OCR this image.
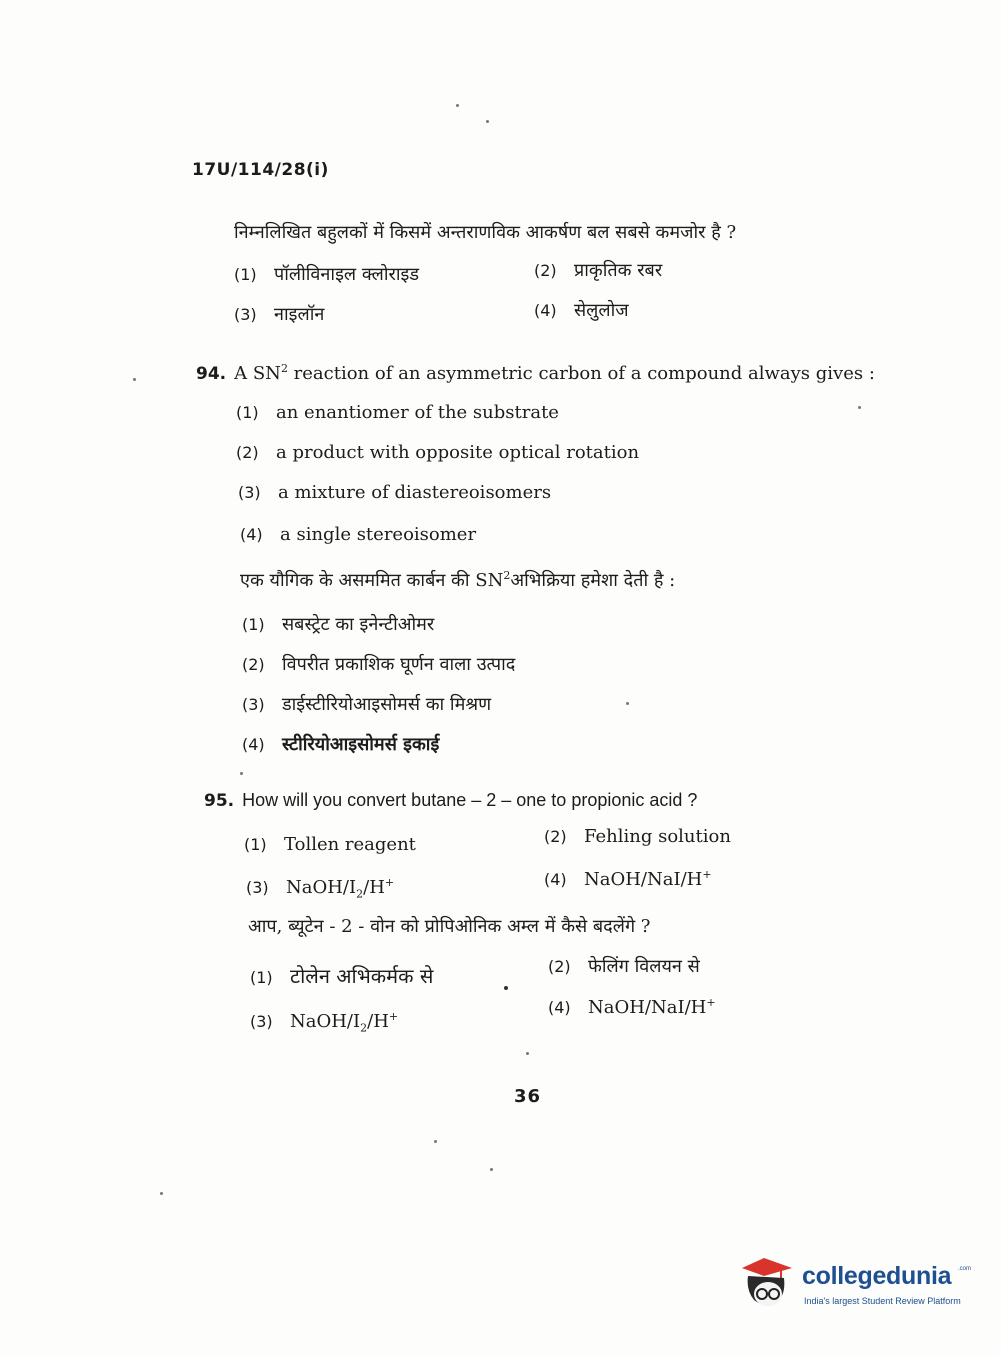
17U/114/28(i)
निम्नलिखित बहुलकों में किसमें अन्तराणविक आकर्षण बल सबसे कमजोर है ?
(1) पॉलीविनाइल क्लोराइड	(2) प्राकृतिक रबर
(3) नाइलॉन	(4) सेलुलोज
94. A $SN^2$ reaction of an asymmetric carbon of a compound always gives :
(1) an enantiomer of the substrate
(2) a product with opposite optical rotation
(3) a mixture of diastereoisomers
(4) a single stereoisomer
एक यौगिक के असममित कार्बन की $SN^2अभिक्रिया$ हमेशा देती है :
(1) सबस्ट्रेट का इनेन्टीओमर
(2) विपरीत प्रकाशिक घूर्णन वाला उत्पाद
(3) डाईस्टीरियोआइसोमर्स का मिश्रण
(4) स्टीरियोआइसोमर्स इकाई
95. How will you convert butane – 2 – one to propionic acid ?
(1) Tollen reagent	(2) Fehling solution
(3) NaOH/$I_2/H^+$	(4) NaOH/NaI/H+
आप, ब्यूटेन - 2 - वोन को प्रोपिओनिक अम्ल में कैसे बदलेंगे ?
(1) टोलेन अभिकर्मक से	(2) फेलिंग विलयन से
(3) NaOH/$I_2/H^+$	(4) NaOH/NaI/H+
36
collegedunia .com
India's largest Student Review Platform
